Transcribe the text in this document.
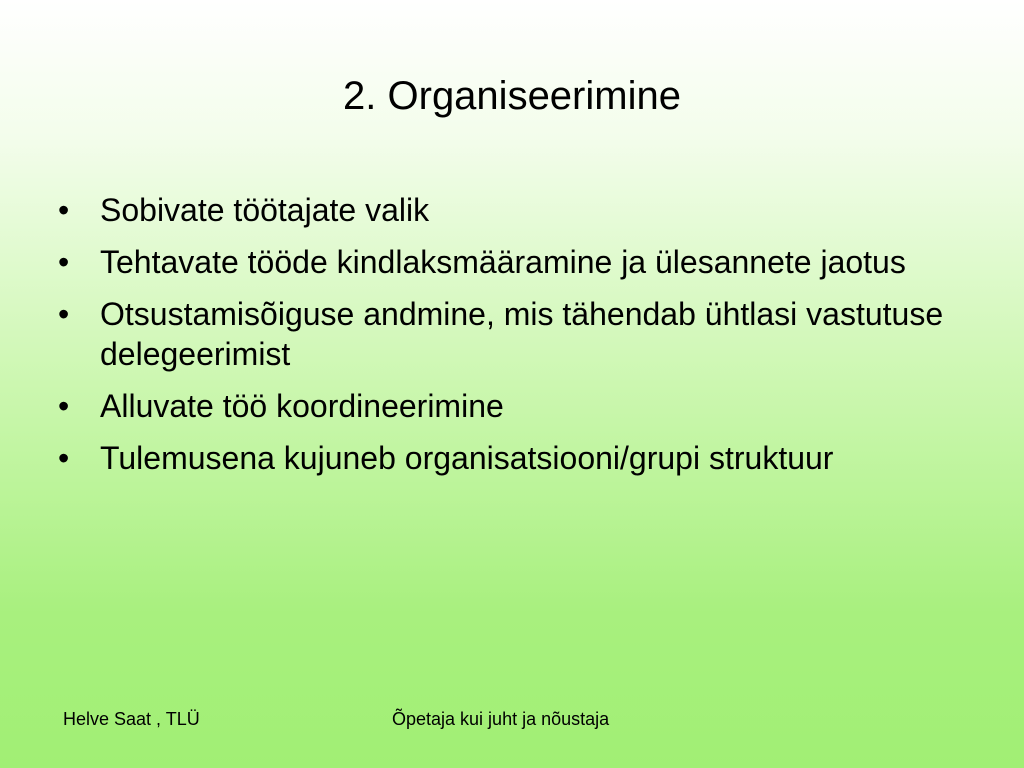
2. Organiseerimine
• Sobivate töötajate valik
• Tehtavate tööde kindlaksmääramine ja ülesannete jaotus
• Otsustamisõiguse andmine, mis tähendab ühtlasi vastutuse delegeerimist
• Alluvate töö koordineerimine
• Tulemusena kujuneb organisatsiooni/grupi struktuur
Helve Saat , TLÜ	Õpetaja kui juht ja nõustaja
